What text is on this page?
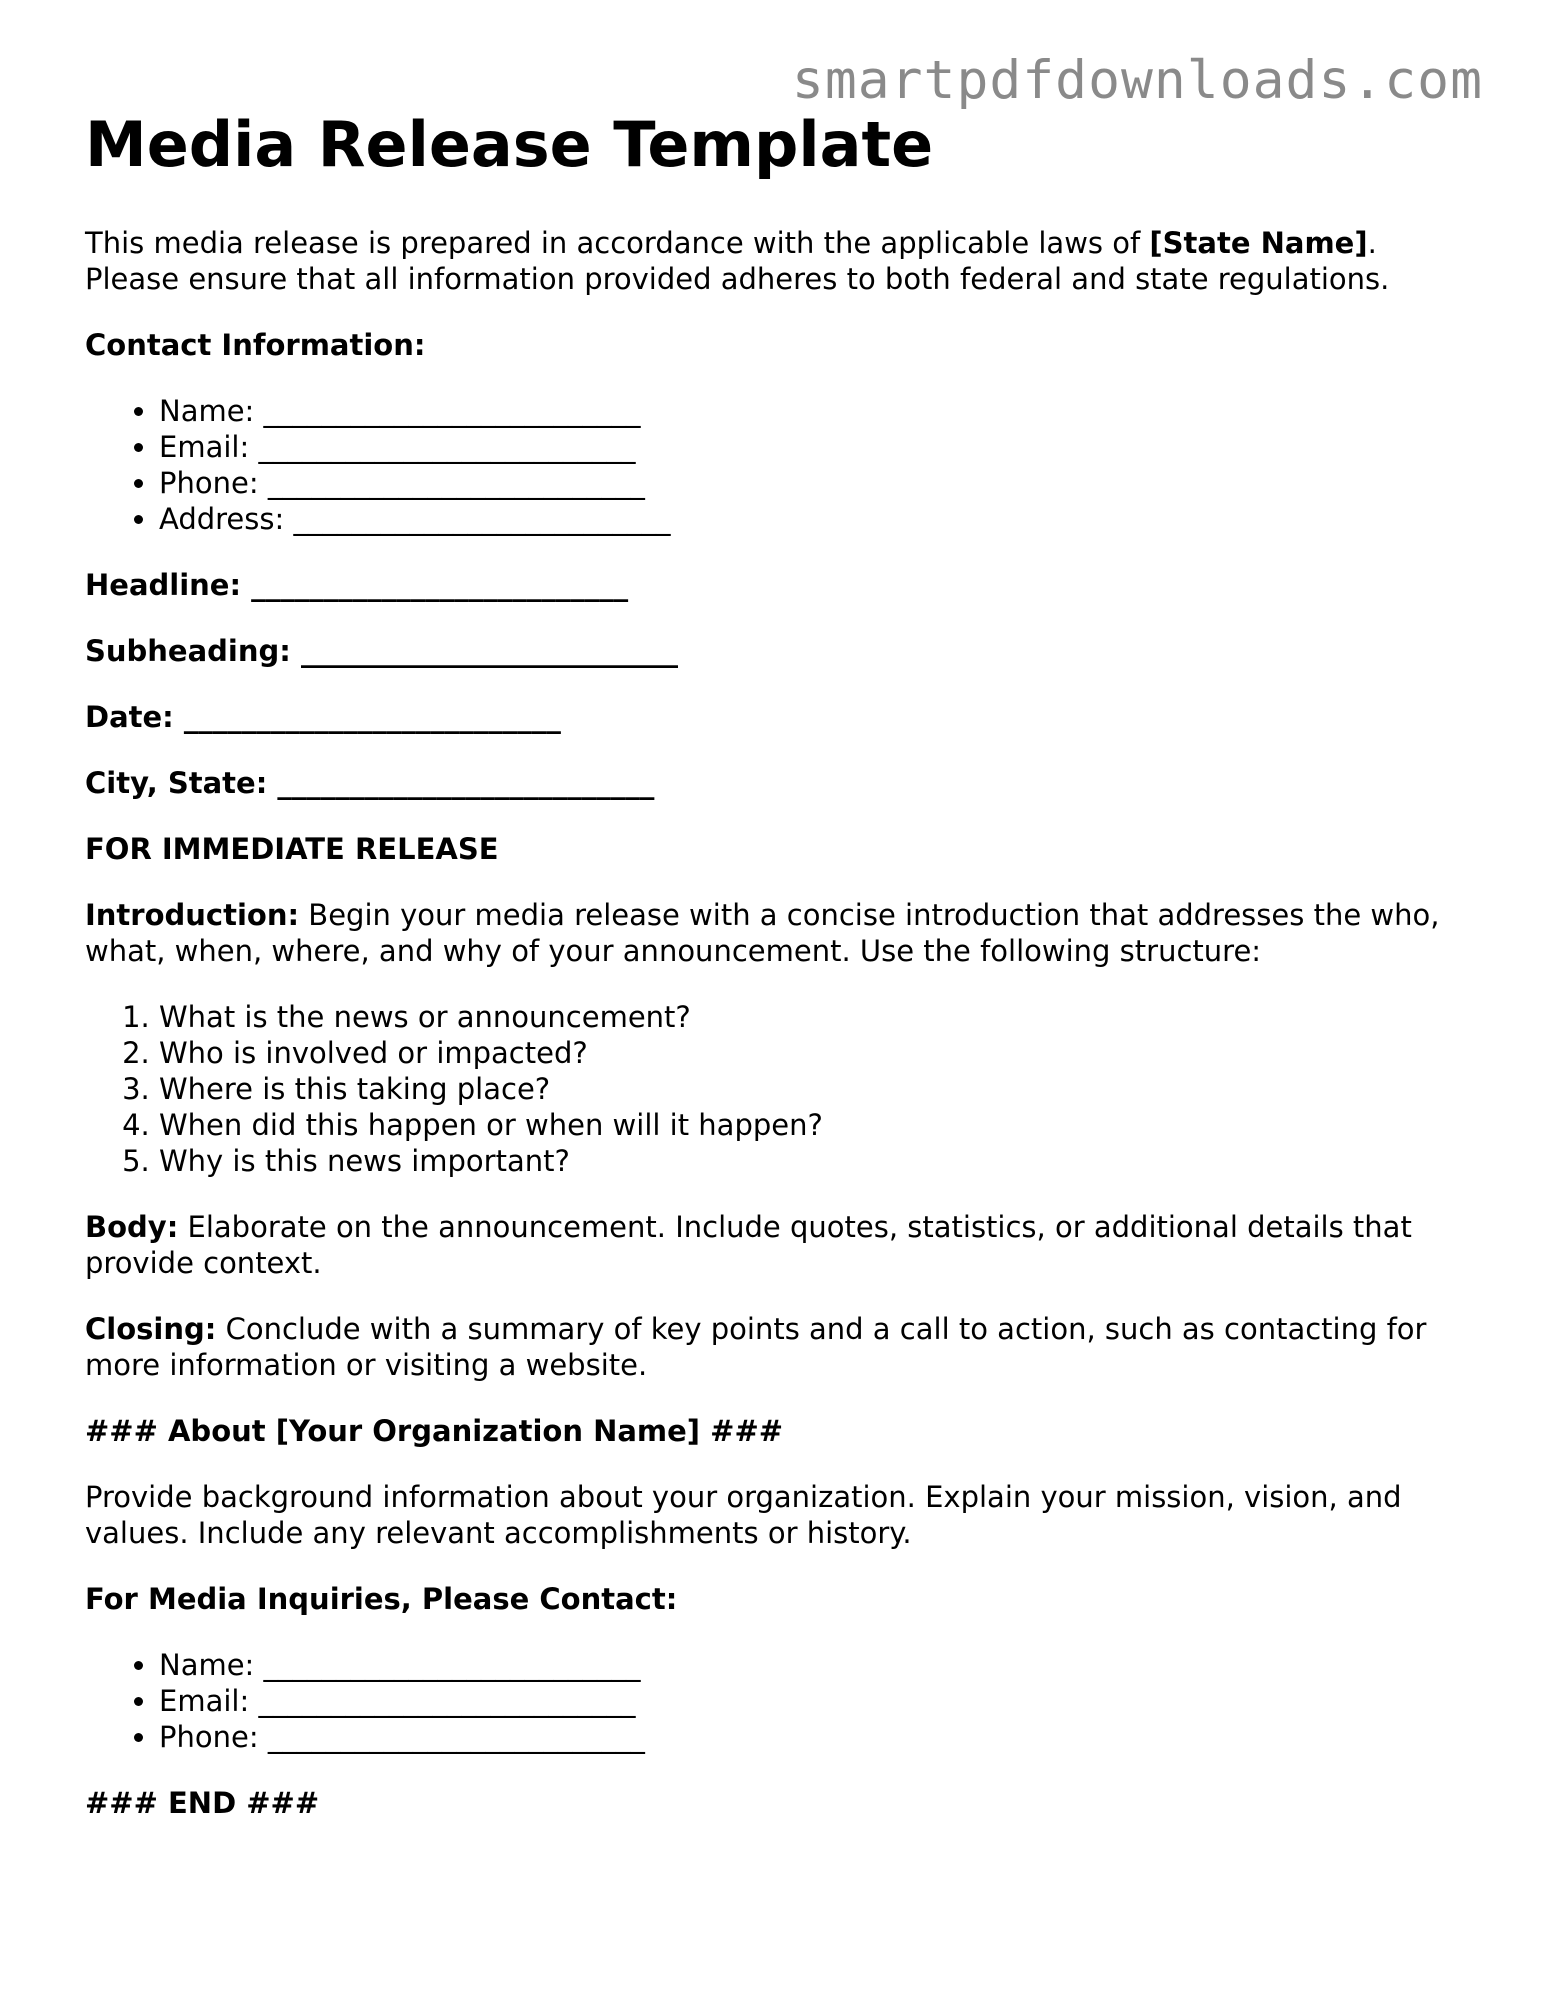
smartpdfdownloads.com
Media Release Template

This media release is prepared in accordance with the applicable laws of [State Name]. Please ensure that all information provided adheres to both federal and state regulations.

Contact Information:

• Name: __________________________
• Email: __________________________
• Phone: __________________________
• Address: __________________________

Headline: __________________________

Subheading: __________________________

Date: __________________________

City, State: __________________________

FOR IMMEDIATE RELEASE

Introduction: Begin your media release with a concise introduction that addresses the who, what, when, where, and why of your announcement. Use the following structure:

1. What is the news or announcement?
2. Who is involved or impacted?
3. Where is this taking place?
4. When did this happen or when will it happen?
5. Why is this news important?

Body: Elaborate on the announcement. Include quotes, statistics, or additional details that provide context.

Closing: Conclude with a summary of key points and a call to action, such as contacting for more information or visiting a website.

### About [Your Organization Name] ###

Provide background information about your organization. Explain your mission, vision, and values. Include any relevant accomplishments or history.

For Media Inquiries, Please Contact:

• Name: __________________________
• Email: __________________________
• Phone: __________________________

### END ###
